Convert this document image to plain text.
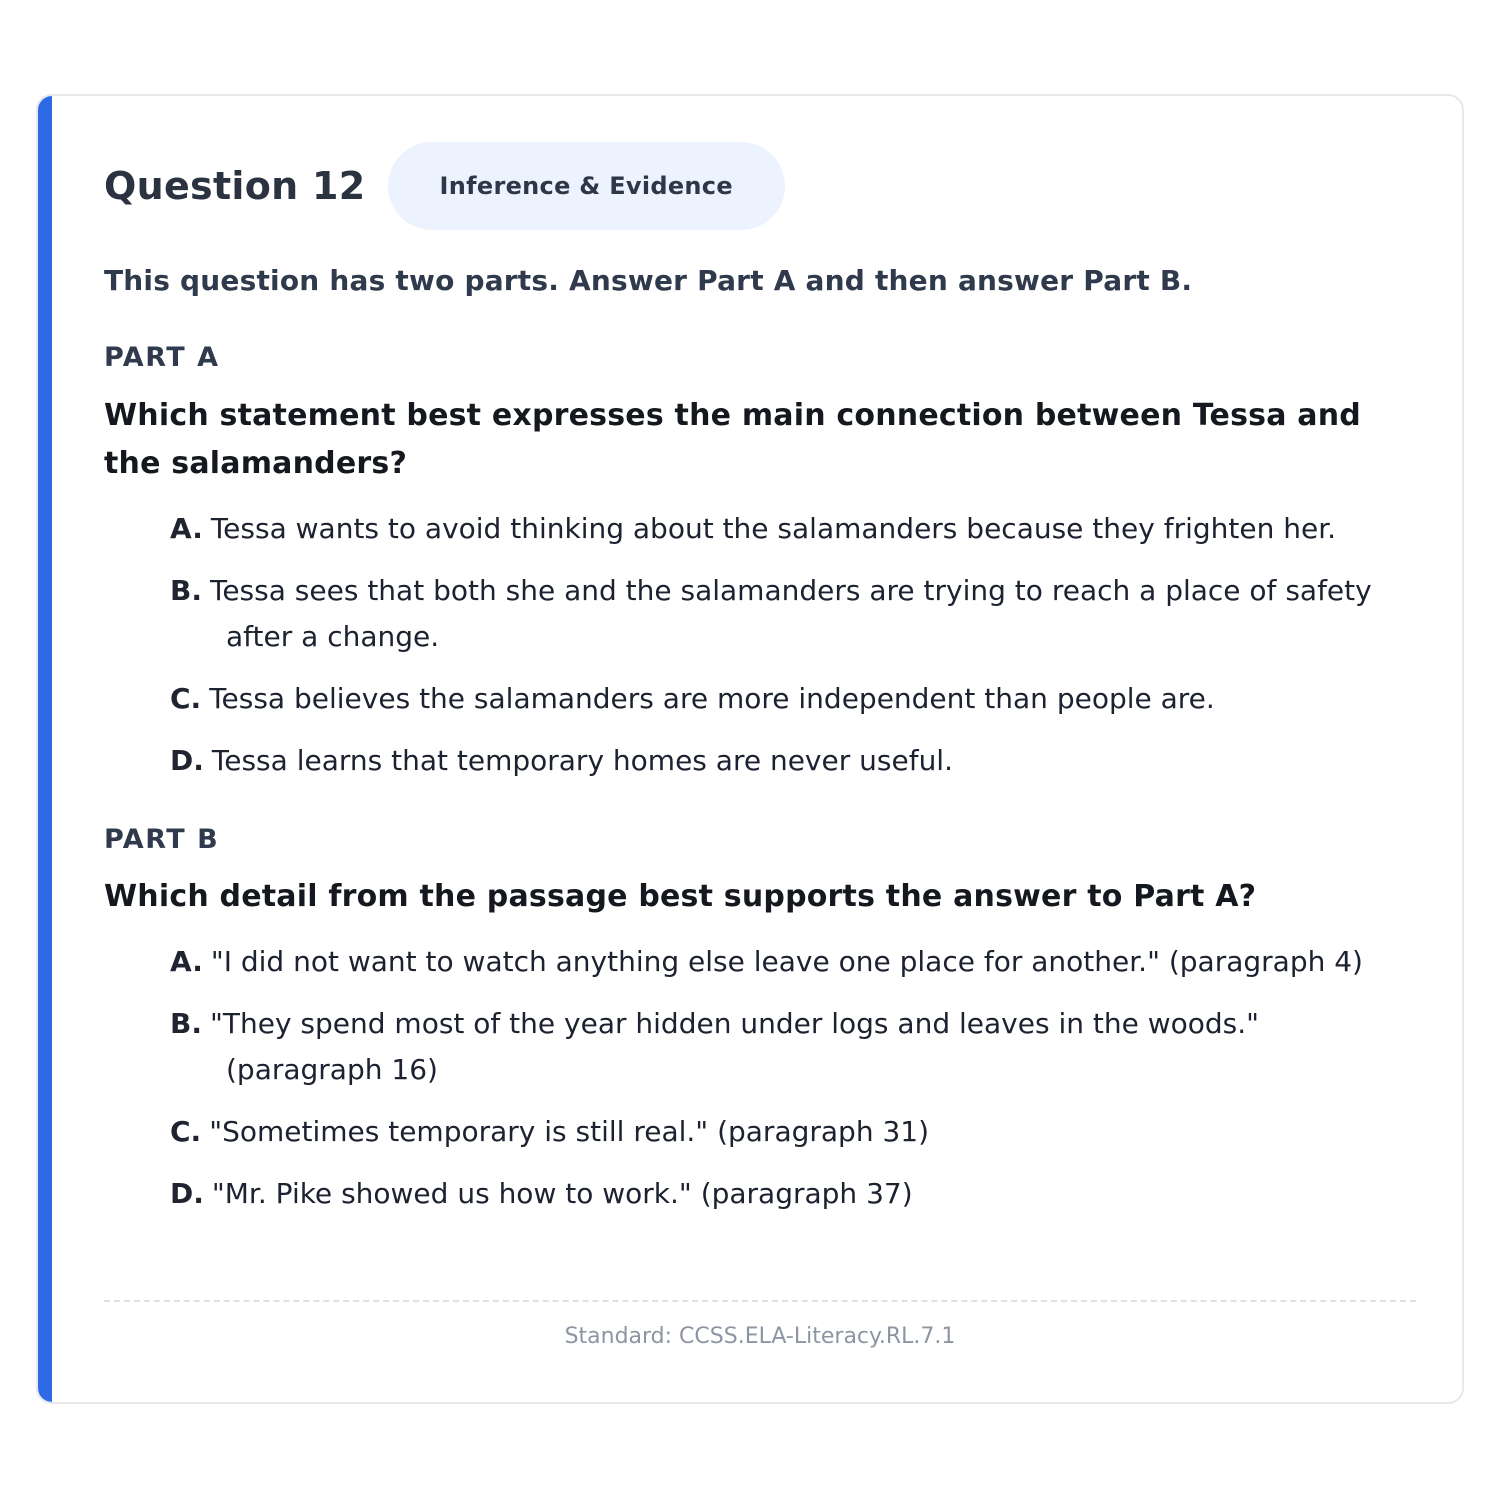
Question 12	Inference & Evidence
This question has two parts. Answer Part A and then answer Part B.
PART A
Which statement best expresses the main connection between Tessa and the salamanders?
A. Tessa wants to avoid thinking about the salamanders because they frighten her.
B. Tessa sees that both she and the salamanders are trying to reach a place of safety after a change.
C. Tessa believes the salamanders are more independent than people are.
D. Tessa learns that temporary homes are never useful.
PART B
Which detail from the passage best supports the answer to Part A?
A. "I did not want to watch anything else leave one place for another." (paragraph 4)
B. "They spend most of the year hidden under logs and leaves in the woods." (paragraph 16)
C. "Sometimes temporary is still real." (paragraph 31)
D. "Mr. Pike showed us how to work." (paragraph 37)
Standard: CCSS.ELA-Literacy.RL.7.1
